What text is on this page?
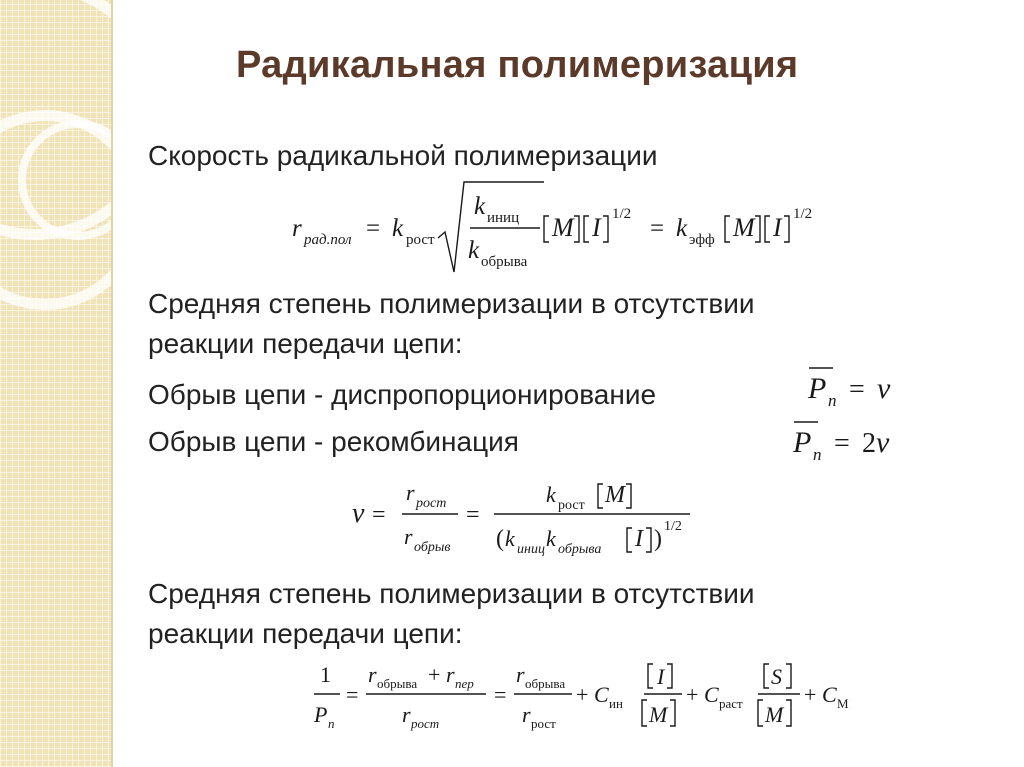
Радикальная полимеризация
Скорость радикальной полимеризации
r рад.пол = k рост
k иниц
k обрыва
M I 1/2
= k эфф M I 1/2
Средняя степень полимеризации в отсутствии
реакции передачи цепи:
Обрыв цепи - диспропорционирование	P n = ν
Обрыв цепи - рекомбинация	P n = 2 ν
ν =
r рост
r обрыв
=
k рост M
( k иниц k обрыва I ) 1/2
Средняя степень полимеризации в отсутствии
реакции передачи цепи:
1
P n
=
r обрыва + r пер
r рост
=
r обрыва
r рост
+ C ин
I
M
+ C раст
S
M
+ C М
